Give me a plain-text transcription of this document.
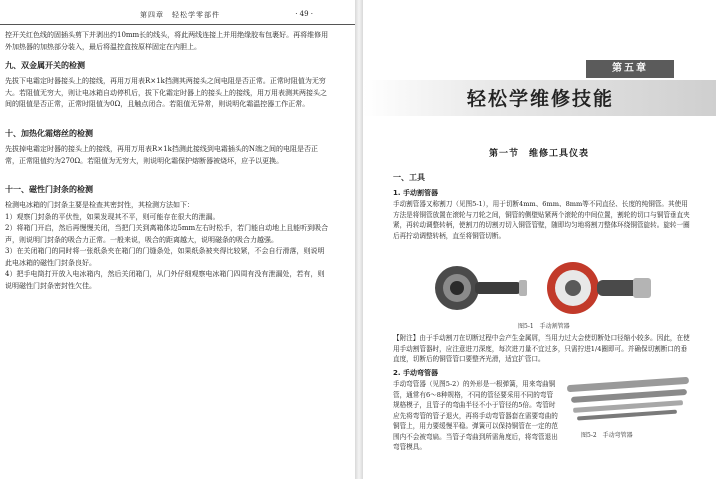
第四章　轻松学零部件	· 49 ·

控开关红色线的固插头剪下并剥出约10mm长的线头，将此两线连接上并用绝缘胶布包裹好。再将维修用外加热器的加热部分装入，最后将温控盒按原样固定在内胆上。

九、双金属开关的检测

先拔下电霜定时器接头上的接线，再用万用表R×1k挡测其两接头之间电阻是否正常。正常时阻值为无穷大。若阻值无穷大，则让电冰箱自动停机后，拔下化霜定时器上的接头上的接线，用万用表测其两接头之间的阻值是否正常，正常时阻值为0Ω，且触点闭合。若阻值无异常，则说明化霜温控器工作正常。

十、加热化霜熔丝的检测

先拔掉电霜定时器的接头上的接线，再用万用表R×1k挡测此接线到电霜插头的N端之间的电阻是否正常，正常阻值约为270Ω。若阻值为无穷大，则说明化霜保护熔断器被烧坏，应予以更换。

十一、磁性门封条的检测

检测电冰箱的门封条主要是检查其密封性，其检测方法如下：

1）观察门封条的平伏性，如果发现其不平，则可能存在很大的泄漏。

2）将箱门开启，然后再慢慢关闭，当把门关到离箱体边5mm左右时松手，若门能自动地上且能听到吸合声，则说明门封条的吸合力正常。一般来说，吸合的距离越大，说明磁条的吸合力越强。

3）在关闭箱门的同时将一张纸条夹在箱门的门缝条处，如果纸条被夹得比较紧，不会自行滑落，则说明此电冰箱的磁性门封条良好。

4）把手电筒打开放入电冰箱内，然后关闭箱门，从门外仔细观察电冰箱门四周有没有泄漏处，若有，则说明磁性门封条密封性欠佳。

第五章
轻松学维修技能
第一节　维修工具仪表
一、工具
1. 手动割管器
手动割管器又称割刀（见图5-1），用于切断4mm、6mm、8mm等不同直径、长度的纯铜管。其使用方法是将铜管放置在滚轮与刀轮之间，铜管的侧壁贴紧两个滚轮的中间位置，割轮的切口与铜管垂直夹紧，再转动调整转柄，使割刀的切割刃切入铜管管壁，随即均匀地将割刀整体环绕铜管旋转。旋转一圈后再拧动调整转柄，直至将铜管切断。
图5-1　手动割管器
【附注】由于手动割刀在切断过程中会产生金属屑，当用力过大会使切断处口径缩小较多。因此，在使用手动割管器时，应注意进刀深度，每次进刀量不宜过多，只需拧进1/4圈即可。并确保切割断口的垂直度，切断后的铜管管口要整齐光滑，适宜扩管口。
2. 手动弯管器
手动弯管器（见图5-2）的外形是一根弹簧，用来弯曲铜管，通常有6～8种规格，不同的管径要采用不同的弯管规格模子，且管子的弯曲半径不小于管径的5倍。弯管时应先将弯管的管子退火，再将手动弯管器套在需要弯曲的铜管上，用力要缓慢平稳。弹簧可以保持铜管在一定的范围内不会被弯扁。当管子弯曲到所需角度后，将弯管退出弯管模具。
图5-2　手动弯管器
